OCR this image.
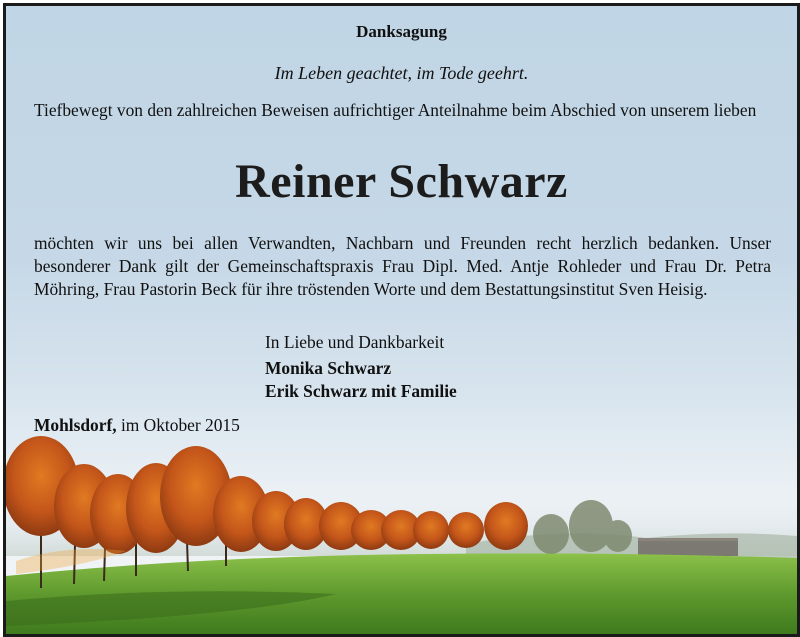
Danksagung
Im Leben geachtet, im Tode geehrt.

Tiefbewegt von den zahlreichen Beweisen aufrichtiger Anteilnahme beim Abschied von unserem lieben

Reiner Schwarz

möchten wir uns bei allen Verwandten, Nachbarn und Freunden recht herzlich bedanken. Unser besonderer Dank gilt der Gemeinschaftspraxis Frau Dipl. Med. Antje Rohleder und Frau Dr. Petra Möhring, Frau Pastorin Beck für ihre tröstenden Worte und dem Bestattungsinstitut Sven Heisig.

In Liebe und Dankbarkeit
Monika Schwarz
Erik Schwarz mit Familie
Mohlsdorf, im Oktober 2015
